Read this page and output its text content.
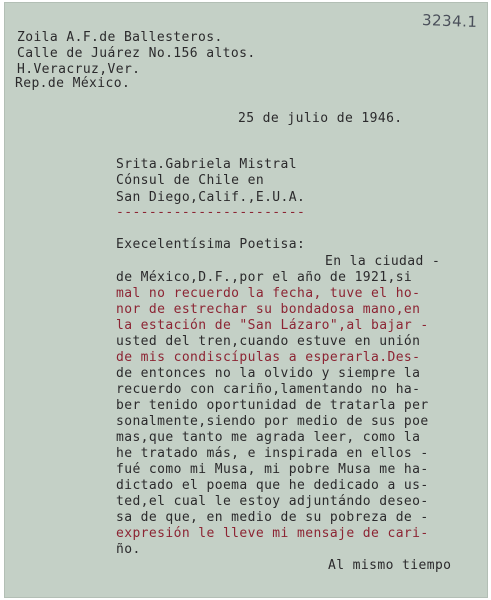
3234.1
Zoila A.F.de Ballesteros.
Calle de Juárez No.156 altos.
H.Veracruz,Ver.
Rep.de México.
25 de julio de 1946.
Srita.Gabriela Mistral
Cónsul de Chile en
San Diego,Calif.,E.U.A.
-----------------------
Execelentísima Poetisa:
En la ciudad -
de México,D.F.,por el año de 1921,si
mal no recuerdo la fecha, tuve el ho-
nor de estrechar su bondadosa mano,en
la estación de "San Lázaro",al bajar -
usted del tren,cuando estuve en unión
de mis condiscípulas a esperarla.Des-
de entonces no la olvido y siempre la
recuerdo con cariño,lamentando no ha-
ber tenido oportunidad de tratarla per
sonalmente,siendo por medio de sus poe
mas,que tanto me agrada leer, como la
he tratado más, e inspirada en ellos -
fué como mi Musa, mi pobre Musa me ha-
dictado el poema que he dedicado a us-
ted,el cual le estoy adjuntándo deseo-
sa de que, en medio de su pobreza de -
expresión le lleve mi mensaje de cari-
ño.
Al mismo tiempo
